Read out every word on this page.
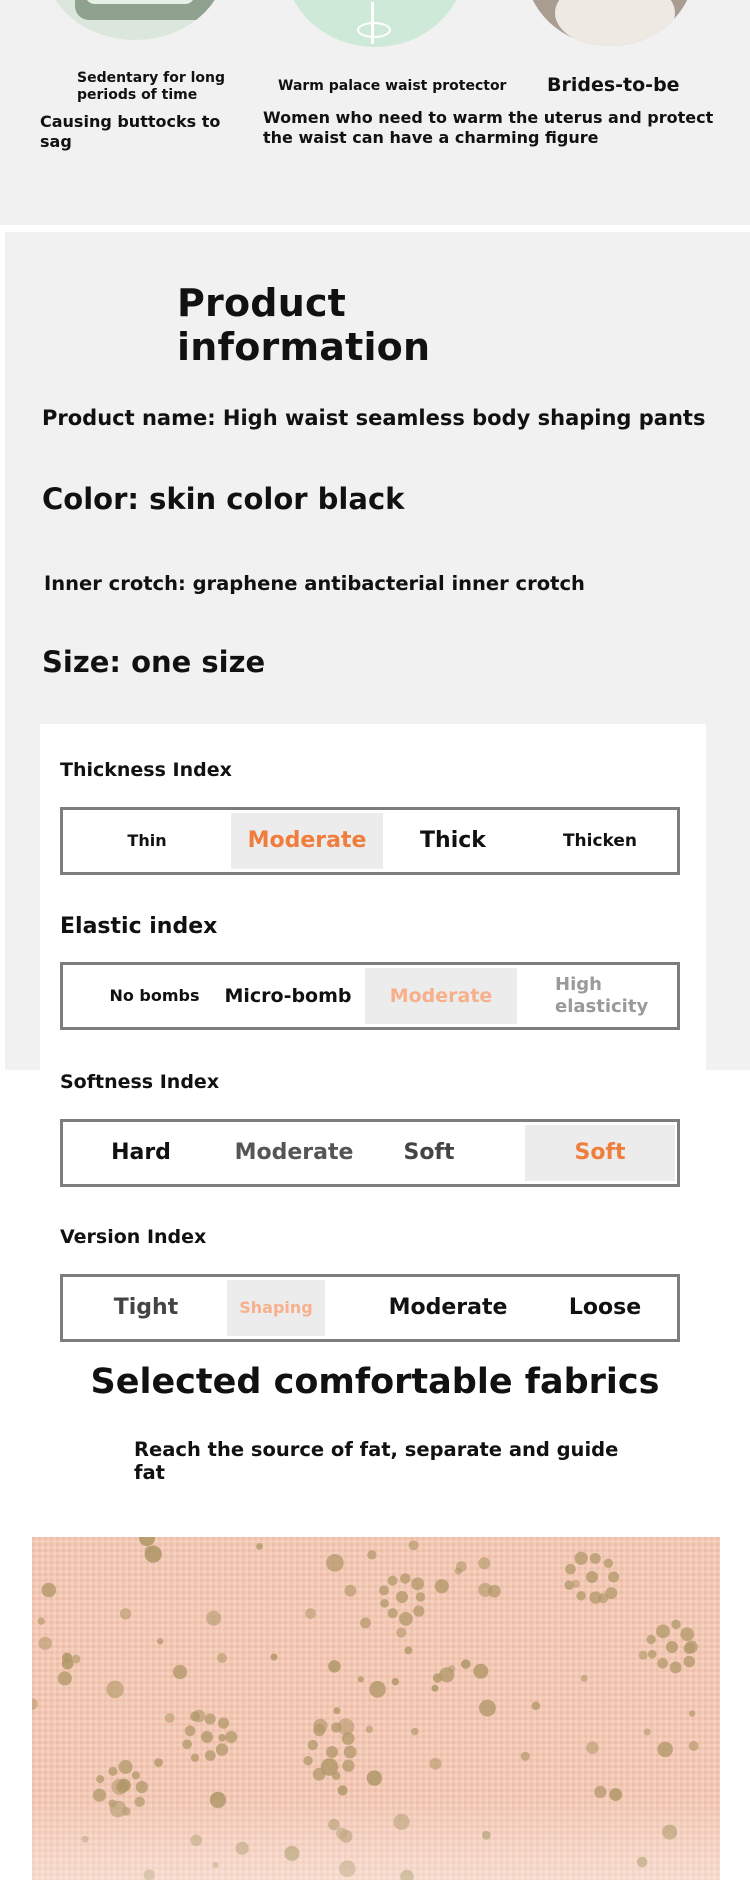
Sedentary for long periods of time
Causing buttocks to sag
Warm palace waist protector
Women who need to warm the uterus and protect the waist can have a charming figure
Brides-to-be
Product information
Product name: High waist seamless body shaping pants
Color: skin color black
Inner crotch: graphene antibacterial inner crotch
Size: one size
Thickness Index
Thin	Moderate	Thick	Thicken
Elastic index
No bombs	Micro-bomb	Moderate
High elasticity
Softness Index
Hard	Moderate	Soft	Soft
Version Index
Tight	Shaping	Moderate	Loose
Selected comfortable fabrics
Reach the source of fat, separate and guide fat
